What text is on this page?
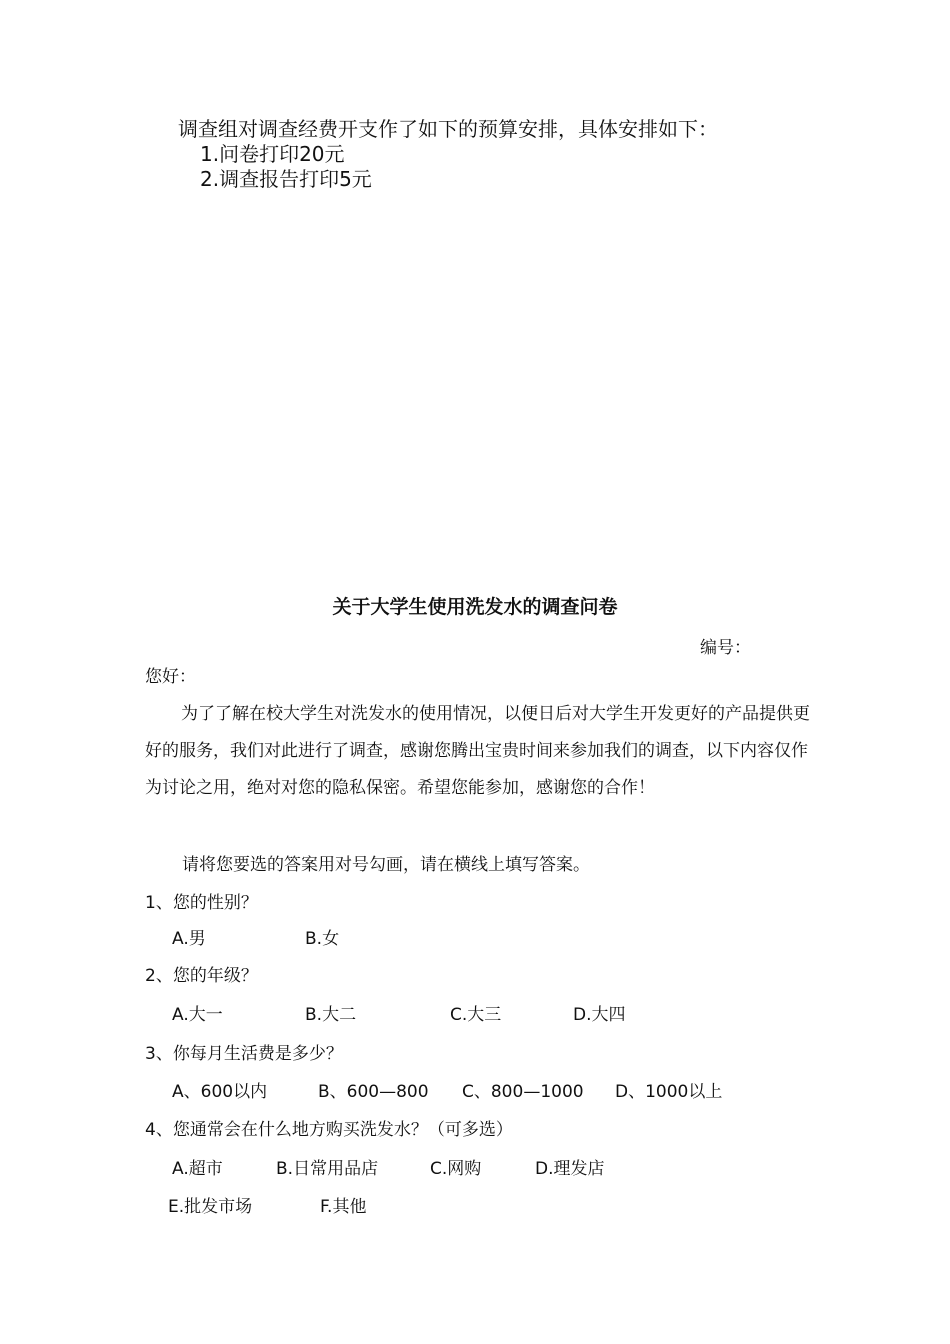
调查组对调查经费开支作了如下的预算安排，具体安排如下：
1.问卷打印20元
2.调查报告打印5元
关于大学生使用洗发水的调查问卷
编号：
您好：
为了了解在校大学生对洗发水的使用情况，以便日后对大学生开发更好的产品提供更好的服务，我们对此进行了调查，感谢您腾出宝贵时间来参加我们的调查，以下内容仅作为讨论之用，绝对对您的隐私保密。希望您能参加，感谢您的合作！
请将您要选的答案用对号勾画，请在横线上填写答案。
1、您的性别？
A.男	B.女
2、您的年级？
A.大一	B.大二	C.大三	D.大四
3、你每月生活费是多少？
A、600以内	B、600—800 C、800—1000 D、1000以上
4、您通常会在什么地方购买洗发水？（可多选）
A.超市	B.日常用品店	C.网购	D.理发店
E.批发市场	F.其他
